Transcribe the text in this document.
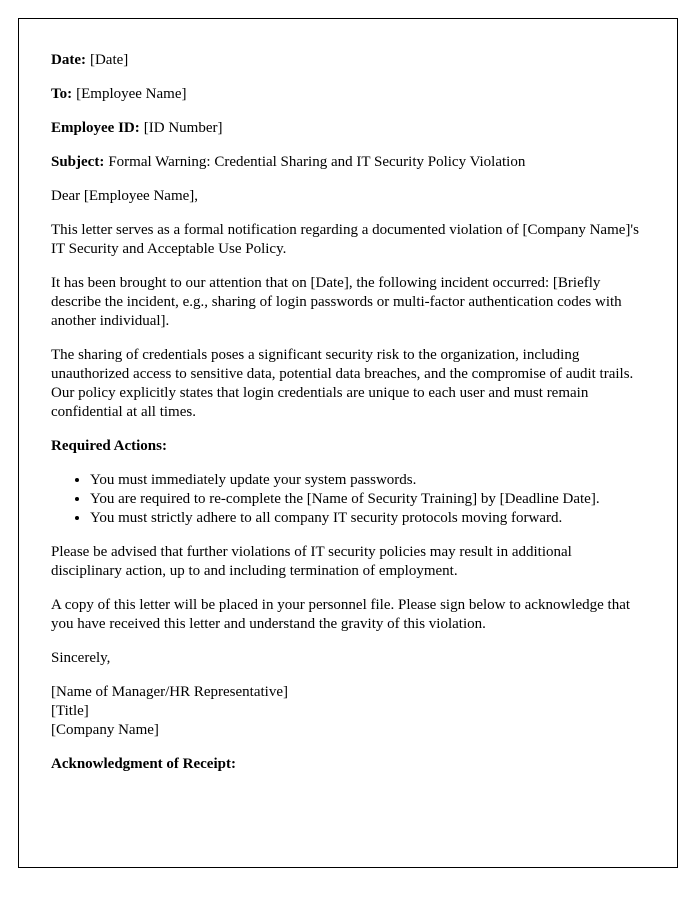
Date: [Date]

To: [Employee Name]

Employee ID: [ID Number]

Subject: Formal Warning: Credential Sharing and IT Security Policy Violation

Dear [Employee Name],

This letter serves as a formal notification regarding a documented violation of [Company Name]'s IT Security and Acceptable Use Policy.

It has been brought to our attention that on [Date], the following incident occurred: [Briefly describe the incident, e.g., sharing of login passwords or multi-factor authentication codes with another individual].

The sharing of credentials poses a significant security risk to the organization, including unauthorized access to sensitive data, potential data breaches, and the compromise of audit trails. Our policy explicitly states that login credentials are unique to each user and must remain confidential at all times.

Required Actions:

• You must immediately update your system passwords.
• You are required to re-complete the [Name of Security Training] by [Deadline Date].
• You must strictly adhere to all company IT security protocols moving forward.

Please be advised that further violations of IT security policies may result in additional disciplinary action, up to and including termination of employment.

A copy of this letter will be placed in your personnel file. Please sign below to acknowledge that you have received this letter and understand the gravity of this violation.

Sincerely,

[Name of Manager/HR Representative]

[Title]

[Company Name]

Acknowledgment of Receipt:
